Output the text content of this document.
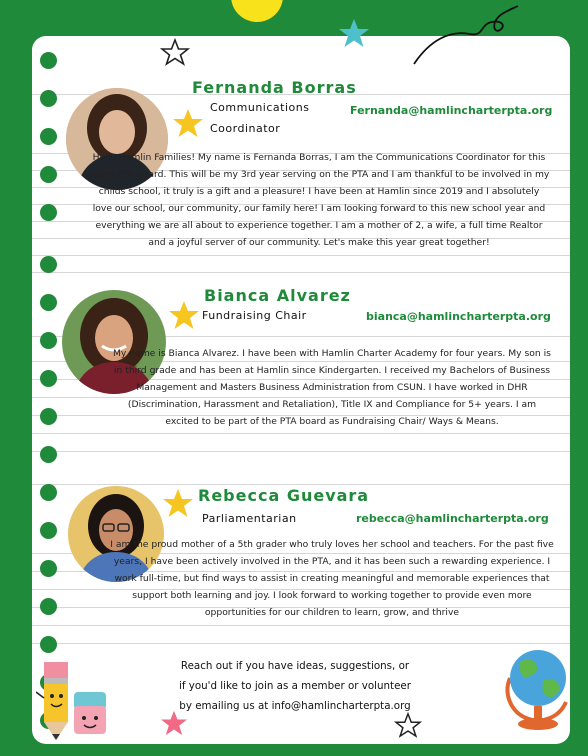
Fernanda Borras
Communications
Coordinator
Fernanda@hamlincharterpta.org
Hello Hamlin Families! My name is Fernanda Borras, I am the Communications Coordinator for this years PTA Board. This will be my 3rd year serving on the PTA and I am thankful to be involved in my childs school, it truly is a gift and a pleasure! I have been at Hamlin since 2019 and I absolutely love our school, our community, our family here! I am looking forward to this new school year and everything we are all about to experience together. I am a mother of 2, a wife, a full time Realtor and a joyful server of our community. Let's make this year great together!
Bianca Alvarez
Fundraising Chair	bianca@hamlincharterpta.org
My name is Bianca Alvarez. I have been with Hamlin Charter Academy for four years. My son is in third grade and has been at Hamlin since Kindergarten. I received my Bachelors of Business Management and Masters Business Administration from CSUN. I have worked in DHR (Discrimination, Harassment and Retaliation), Title IX and Compliance for 5+ years. I am excited to be part of the PTA board as Fundraising Chair/ Ways & Means.
Rebecca Guevara
Parliamentarian	rebecca@hamlincharterpta.org
I am the proud mother of a 5th grader who truly loves her school and teachers. For the past five years, I have been actively involved in the PTA, and it has been such a rewarding experience. I work full-time, but find ways to assist in creating meaningful and memorable experiences that support both learning and joy. I look forward to working together to provide even more opportunities for our children to learn, grow, and thrive
Reach out if you have ideas, suggestions, or
if you'd like to join as a member or volunteer
by emailing us at info@hamlincharterpta.org
